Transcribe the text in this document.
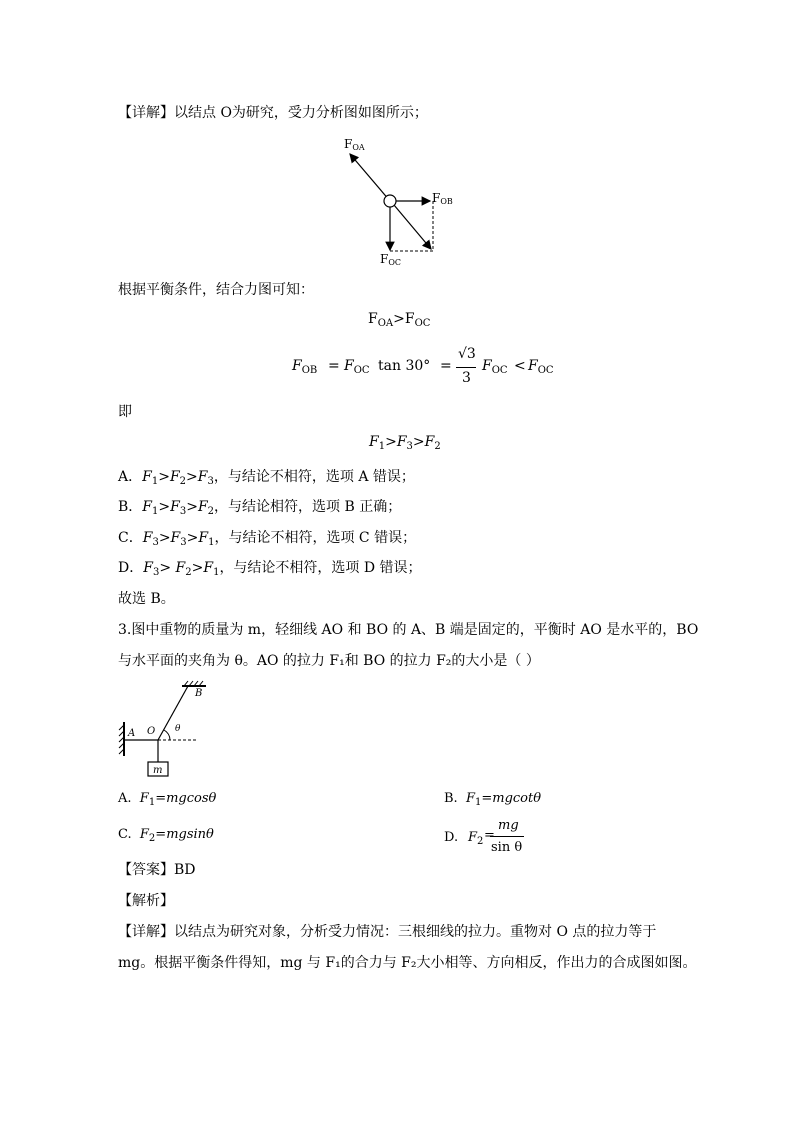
【详解】以结点 O为研究，受力分析图如图所示；
FOA
FOB
FOC
根据平衡条件，结合力图可知：
$F_{OA}>F_{OC}$
$F_{OB} = F_{OC}$ tan 30° =
√3
3
$F_{OC} < F_{OC}$
即
$F_1>F_3>F_2$
A．$F_1>F_2>F_3$，与结论不相符，选项 A 错误；
B．$F_1>F_3>F_2$，与结论相符，选项 B 正确；
C．$F_3>F_3>F_1$，与结论不相符，选项 C 错误；
D．$F_3> F_2>F_1$，与结论不相符，选项 D 错误；
故选 B。
3.图中重物的质量为 m，轻细线 AO 和 BO 的 A、B 端是固定的，平衡时 AO 是水平的，BO
与水平面的夹角为 θ。AO 的拉力 F₁和 BO 的拉力 F₂的大小是（ ）
A O
B
θ
m
A. $F_1=mgcos\theta$	B. $F_1=mgcot\theta$
C. $F_2=mgsin\theta$	D. $F_2$ =
mg
sin θ
【答案】BD
【解析】
【详解】以结点为研究对象，分析受力情况：三根细线的拉力。重物对 O 点的拉力等于
mg。根据平衡条件得知，mg 与 F₁的合力与 F₂大小相等、方向相反，作出力的合成图如图。
